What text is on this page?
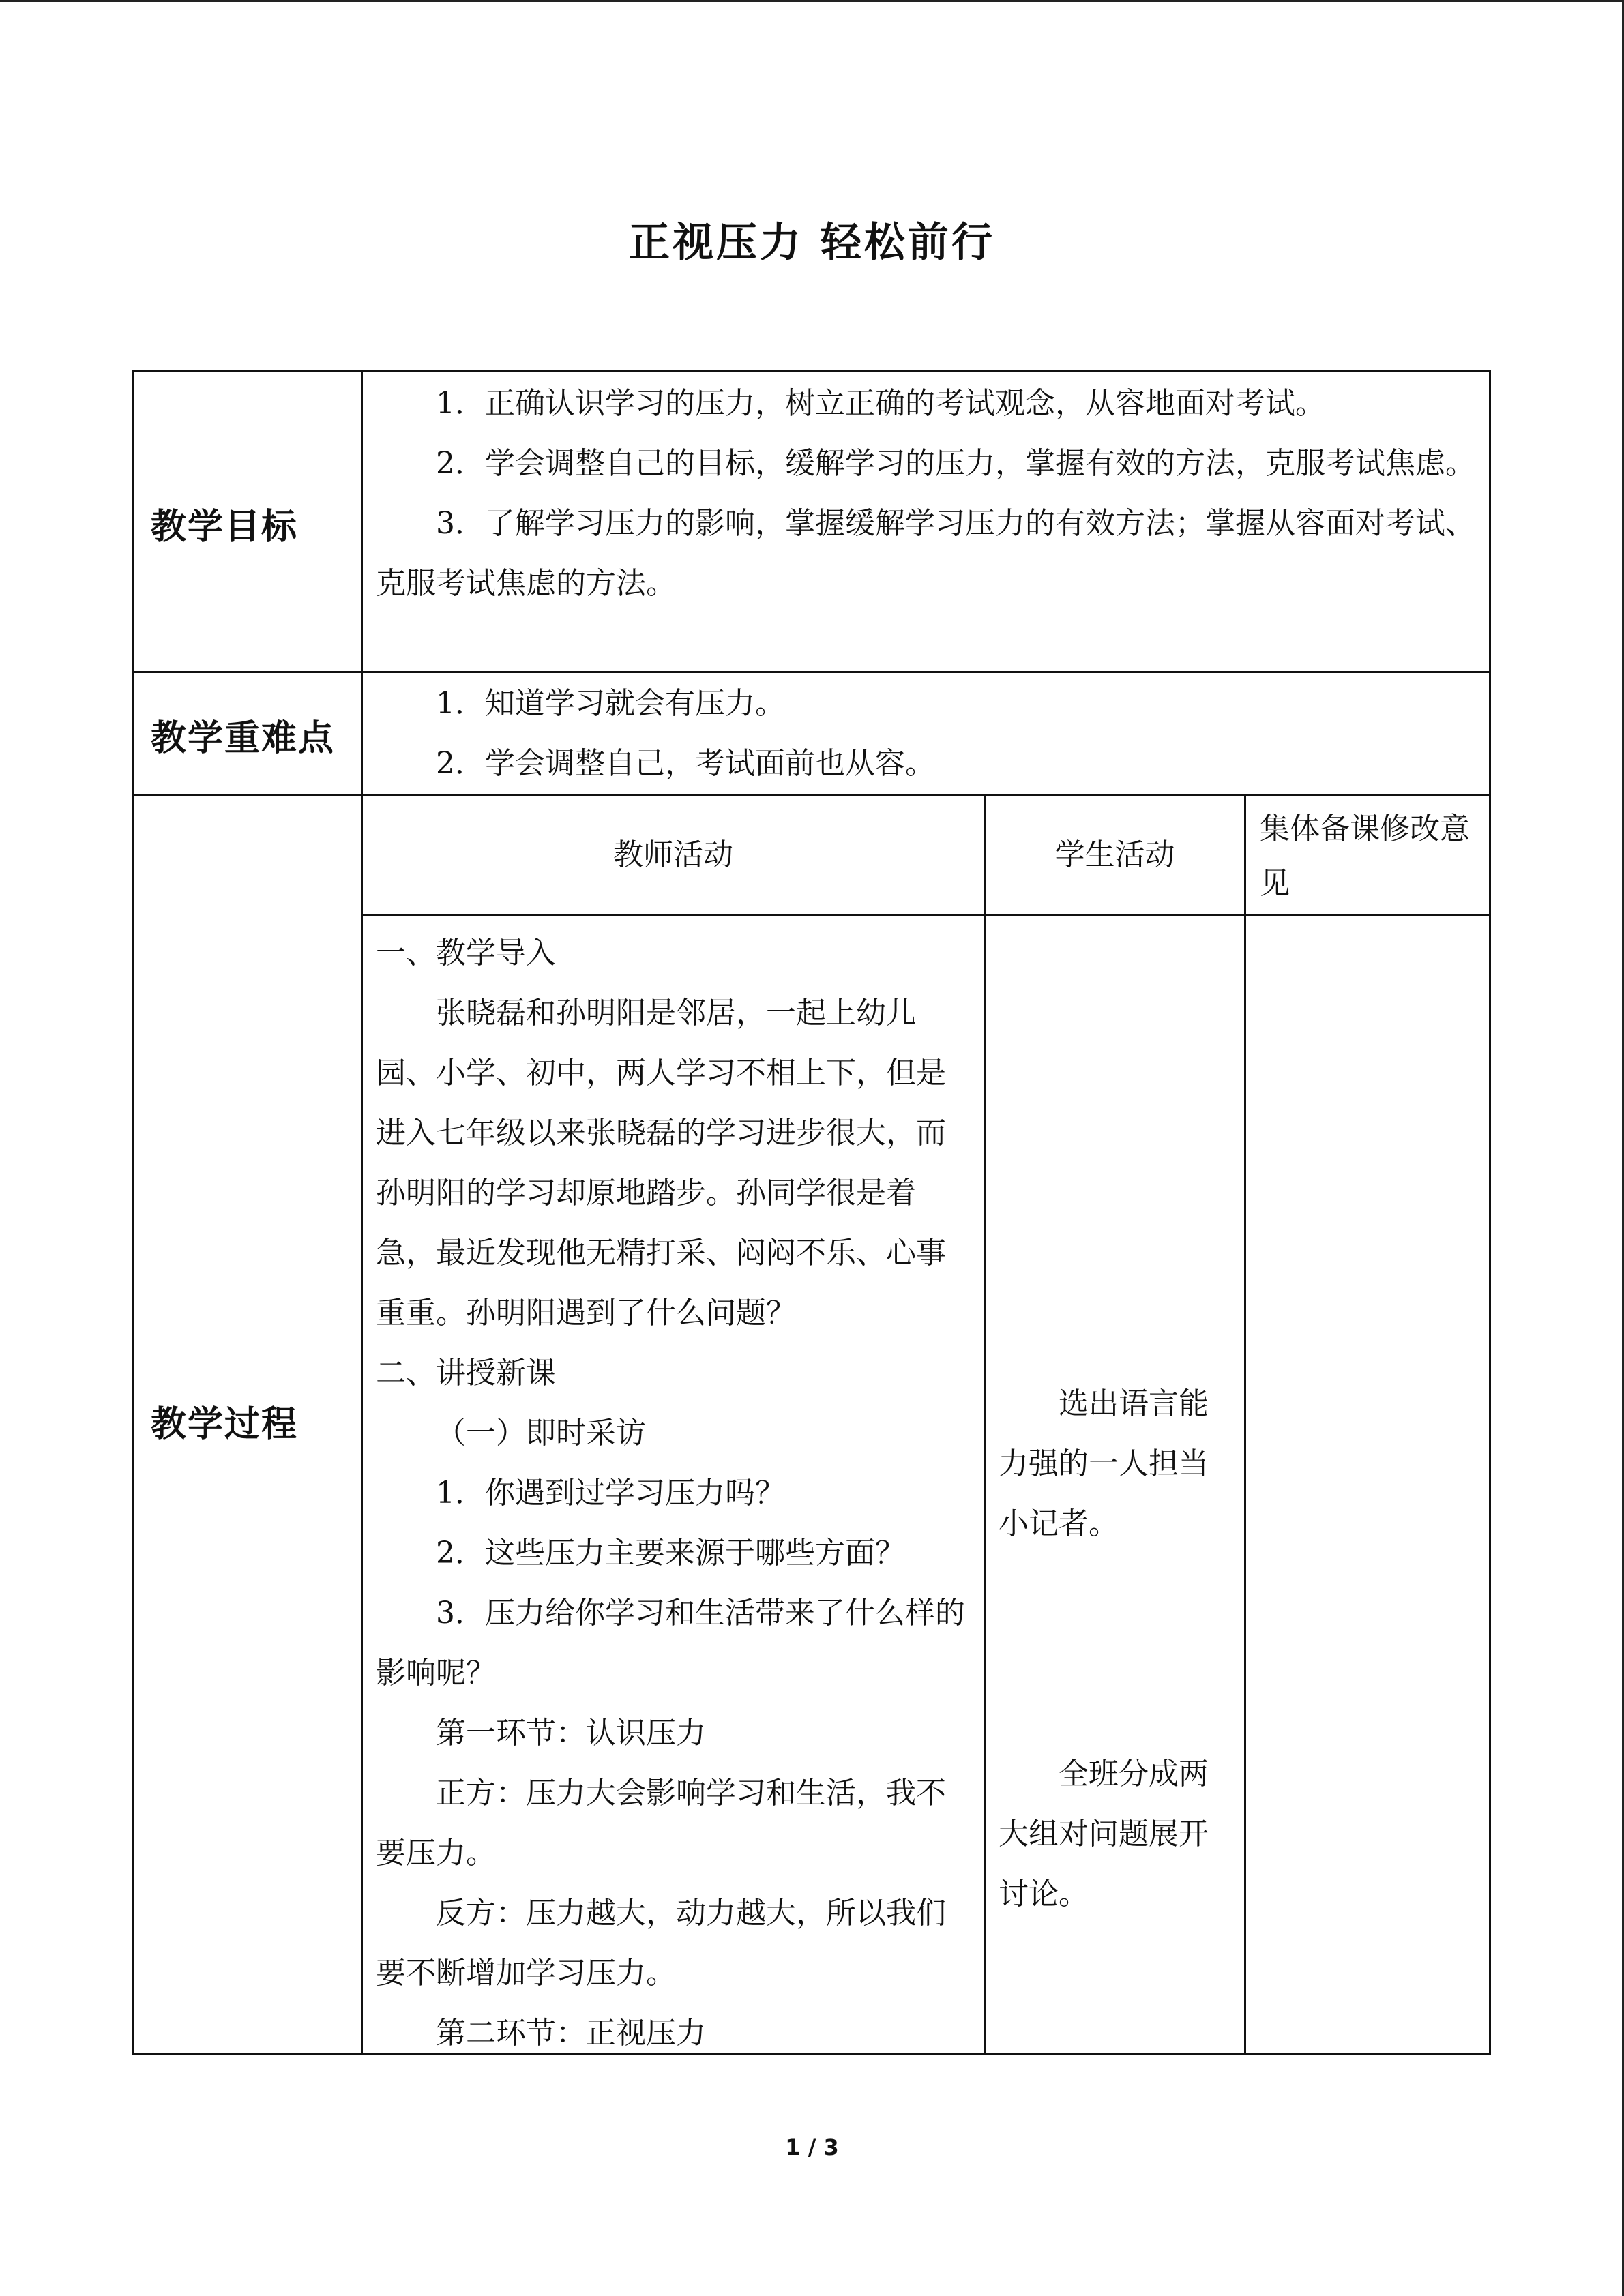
正视压力 轻松前行
教学目标

1．正确认识学习的压力，树立正确的考试观念，从容地面对考试。

2．学会调整自己的目标，缓解学习的压力，掌握有效的方法，克服考试焦虑。

3．了解学习压力的影响，掌握缓解学习压力的有效方法；掌握从容面对考试、克服考试焦虑的方法。

教学重难点

1．知道学习就会有压力。

2．学会调整自己，考试面前也从容。

教学过程
教师活动	学生活动
集体备课修改意见

一、教学导入

张晓磊和孙明阳是邻居，一起上幼儿园、小学、初中，两人学习不相上下，但是进入七年级以来张晓磊的学习进步很大，而孙明阳的学习却原地踏步。孙同学很是着急，最近发现他无精打采、闷闷不乐、心事重重。孙明阳遇到了什么问题？

二、讲授新课

（一）即时采访

1．你遇到过学习压力吗？

2．这些压力主要来源于哪些方面？

3．压力给你学习和生活带来了什么样的影响呢？

第一环节：认识压力

正方：压力大会影响学习和生活，我不要压力。

反方：压力越大，动力越大，所以我们要不断增加学习压力。

第二环节：正视压力

选出语言能力强的一人担当小记者。
全班分成两大组对问题展开讨论。
1 / 3
